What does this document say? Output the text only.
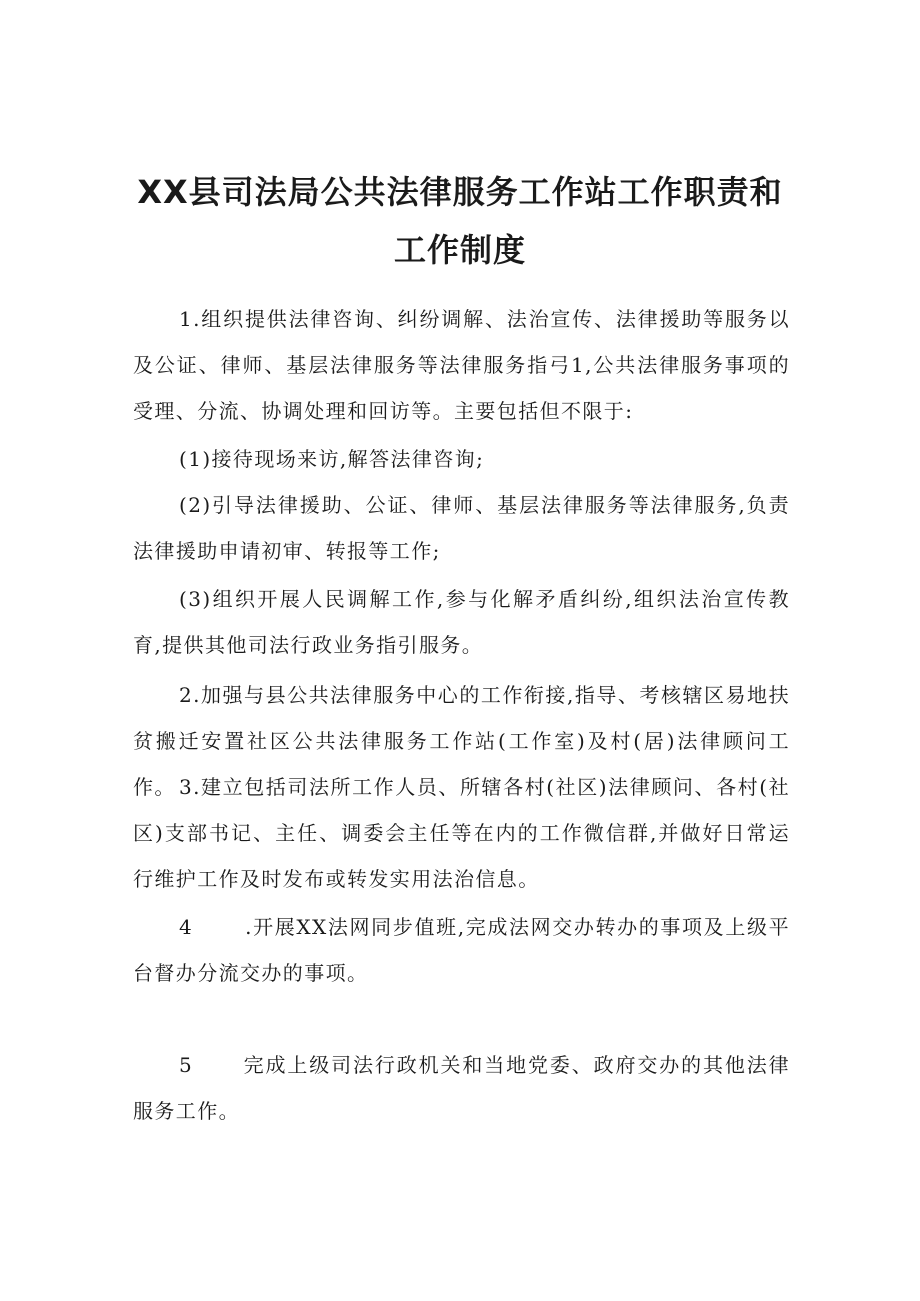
XX县司法局公共法律服务工作站工作职责和
工作制度
1.组织提供法律咨询、纠纷调解、法治宣传、法律援助等服务以及公证、律师、基层法律服务等法律服务指弓1,公共法律服务事项的受理、分流、协调处理和回访等。主要包括但不限于:
(1)接待现场来访,解答法律咨询;
(2)引导法律援助、公证、律师、基层法律服务等法律服务,负责法律援助申请初审、转报等工作;
(3)组织开展人民调解工作,参与化解矛盾纠纷,组织法治宣传教育,提供其他司法行政业务指引服务。
2.加强与县公共法律服务中心的工作衔接,指导、考核辖区易地扶贫搬迁安置社区公共法律服务工作站(工作室)及村(居)法律顾问工作。 3.建立包括司法所工作人员、所辖各村(社区)法律顾问、各村(社区)支部书记、主任、调委会主任等在内的工作微信群,并做好日常运行维护工作及时发布或转发实用法治信息。
4	.开展XX法网同步值班,完成法网交办转办的事项及上级平台督办分流交办的事项。
5	完成上级司法行政机关和当地党委、政府交办的其他法律服务工作。
